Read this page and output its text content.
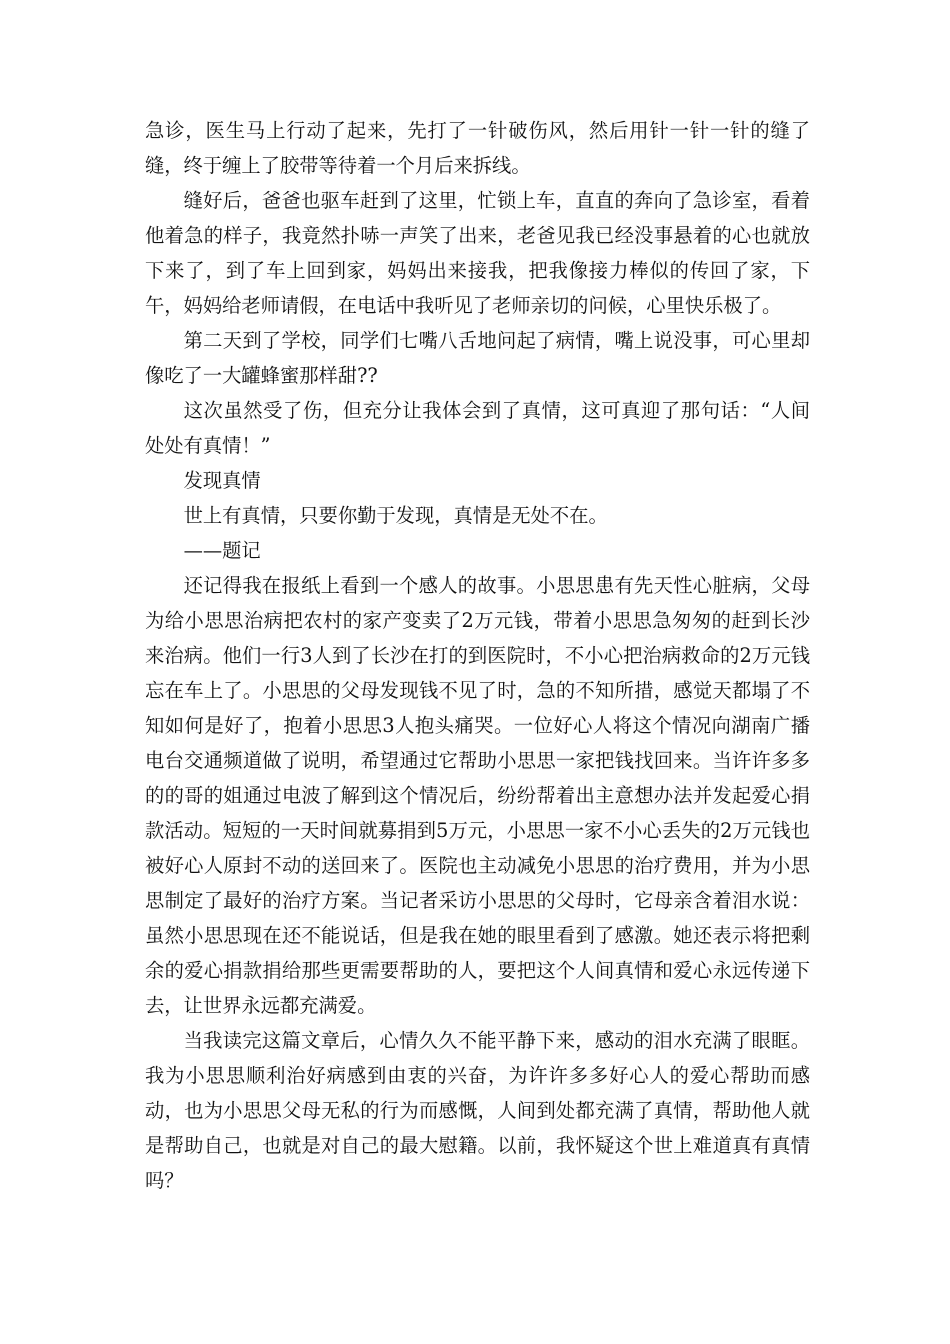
急诊，医生马上行动了起来，先打了一针破伤风，然后用针一针一针的缝了缝，终于缠上了胶带等待着一个月后来拆线。

缝好后，爸爸也驱车赶到了这里，忙锁上车，直直的奔向了急诊室，看着他着急的样子，我竟然扑哧一声笑了出来，老爸见我已经没事悬着的心也就放下来了，到了车上回到家，妈妈出来接我，把我像接力棒似的传回了家，下午，妈妈给老师请假，在电话中我听见了老师亲切的问候，心里快乐极了。

第二天到了学校，同学们七嘴八舌地问起了病情，嘴上说没事，可心里却像吃了一大罐蜂蜜那样甜??

这次虽然受了伤，但充分让我体会到了真情，这可真迎了那句话：“人间处处有真情！”

发现真情

世上有真情，只要你勤于发现，真情是无处不在。

——题记

还记得我在报纸上看到一个感人的故事。小思思患有先天性心脏病，父母为给小思思治病把农村的家产变卖了2万元钱，带着小思思急匆匆的赶到长沙来治病。他们一行3人到了长沙在打的到医院时，不小心把治病救命的2万元钱忘在车上了。小思思的父母发现钱不见了时，急的不知所措，感觉天都塌了不知如何是好了，抱着小思思3人抱头痛哭。一位好心人将这个情况向湖南广播电台交通频道做了说明，希望通过它帮助小思思一家把钱找回来。当许许多多的的哥的姐通过电波了解到这个情况后，纷纷帮着出主意想办法并发起爱心捐款活动。短短的一天时间就募捐到5万元，小思思一家不小心丢失的2万元钱也被好心人原封不动的送回来了。医院也主动减免小思思的治疗费用，并为小思思制定了最好的治疗方案。当记者采访小思思的父母时，它母亲含着泪水说：虽然小思思现在还不能说话，但是我在她的眼里看到了感激。她还表示将把剩余的爱心捐款捐给那些更需要帮助的人，要把这个人间真情和爱心永远传递下去，让世界永远都充满爱。

当我读完这篇文章后，心情久久不能平静下来，感动的泪水充满了眼眶。我为小思思顺利治好病感到由衷的兴奋，为许许多多好心人的爱心帮助而感动，也为小思思父母无私的行为而感慨，人间到处都充满了真情，帮助他人就是帮助自己，也就是对自己的最大慰籍。以前，我怀疑这个世上难道真有真情吗？
